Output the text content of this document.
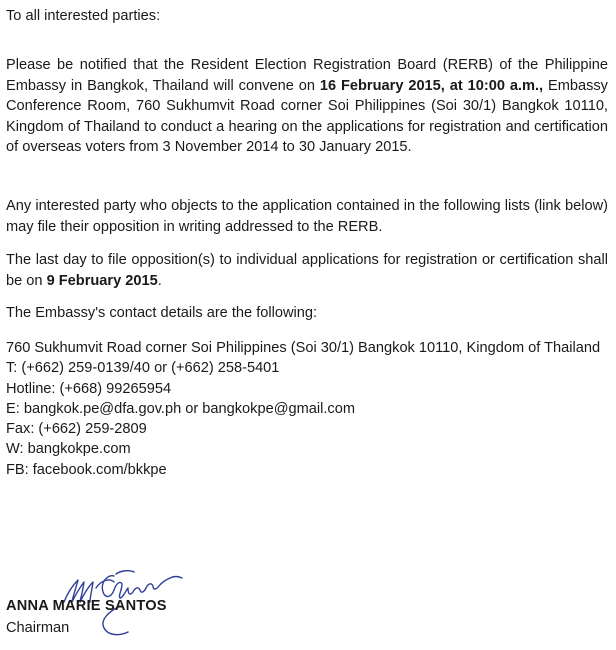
To all interested parties:
Please be notified that the Resident Election Registration Board (RERB) of the Philippine Embassy in Bangkok, Thailand will convene on 16 February 2015, at 10:00 a.m., Embassy Conference Room, 760 Sukhumvit Road corner Soi Philippines (Soi 30/1) Bangkok 10110, Kingdom of Thailand to conduct a hearing on the applications for registration and certification of overseas voters from 3 November 2014 to 30 January 2015.
Any interested party who objects to the application contained in the following lists (link below) may file their opposition in writing addressed to the RERB.
The last day to file opposition(s) to individual applications for registration or certification shall be on 9 February 2015.
The Embassy's contact details are the following:
760 Sukhumvit Road corner Soi Philippines (Soi 30/1) Bangkok 10110, Kingdom of Thailand
T: (+662) 259-0139/40 or (+662) 258-5401
Hotline: (+668) 99265954
E: bangkok.pe@dfa.gov.ph or bangkokpe@gmail.com
Fax: (+662) 259-2809
W: bangkokpe.com
FB: facebook.com/bkkpe
ANNA MARIE SANTOS
Chairman
